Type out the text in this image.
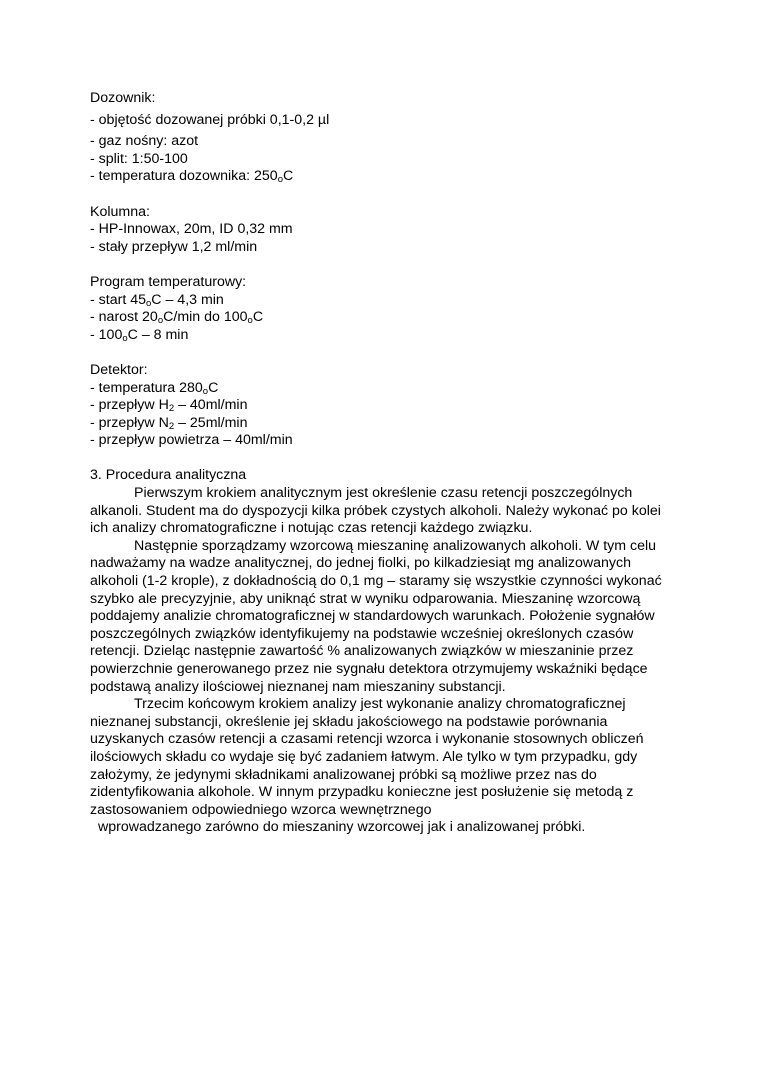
Dozownik:
- objętość dozowanej próbki 0,1-0,2 µl
- gaz nośny: azot
- split: 1:50-100
- temperatura dozownika: $250_oC$
Kolumna:
- HP-Innowax, 20m, ID 0,32 mm
- stały przepływ 1,2 ml/min
Program temperaturowy:
- start $45_oC - 4,3$ min
- narost $20_oC/\min$ do $100_oC$
- $100_oC - 8$ min
Detektor:
- temperatura $280_oC$
- przepływ $H_2 - 40ml/\min$
- przepływ $N_2 - 25ml/\min$
- przepływ powietrza – 40ml/min
3. Procedura analityczna

Pierwszym krokiem analitycznym jest określenie czasu retencji poszczególnych alkanoli. Student ma do dyspozycji kilka próbek czystych alkoholi. Należy wykonać po kolei ich analizy chromatograficzne i notując czas retencji każdego związku.

Następnie sporządzamy wzorcową mieszaninę analizowanych alkoholi. W tym celu nadważamy na wadze analitycznej, do jednej fiolki, po kilkadziesiąt mg analizowanych alkoholi (1-2 krople), z dokładnością do 0,1 mg – staramy się wszystkie czynności wykonać szybko ale precyzyjnie, aby uniknąć strat w wyniku odparowania. Mieszaninę wzorcową poddajemy analizie chromatograficznej w standardowych warunkach. Położenie sygnałów poszczególnych związków identyfikujemy na podstawie wcześniej określonych czasów retencji. Dzieląc następnie zawartość % analizowanych związków w mieszaninie przez powierzchnie generowanego przez nie sygnału detektora otrzymujemy wskaźniki będące podstawą analizy ilościowej nieznanej nam mieszaniny substancji.

Trzecim końcowym krokiem analizy jest wykonanie analizy chromatograficznej nieznanej substancji, określenie jej składu jakościowego na podstawie porównania uzyskanych czasów retencji a czasami retencji wzorca i wykonanie stosownych obliczeń ilościowych składu co wydaje się być zadaniem łatwym. Ale tylko w tym przypadku, gdy założymy, że jedynymi składnikami analizowanej próbki są możliwe przez nas do zidentyfikowania alkohole. W innym przypadku konieczne jest posłużenie się metodą z zastosowaniem odpowiedniego wzorca wewnętrznego

wprowadzanego zarówno do mieszaniny wzorcowej jak i analizowanej próbki.
